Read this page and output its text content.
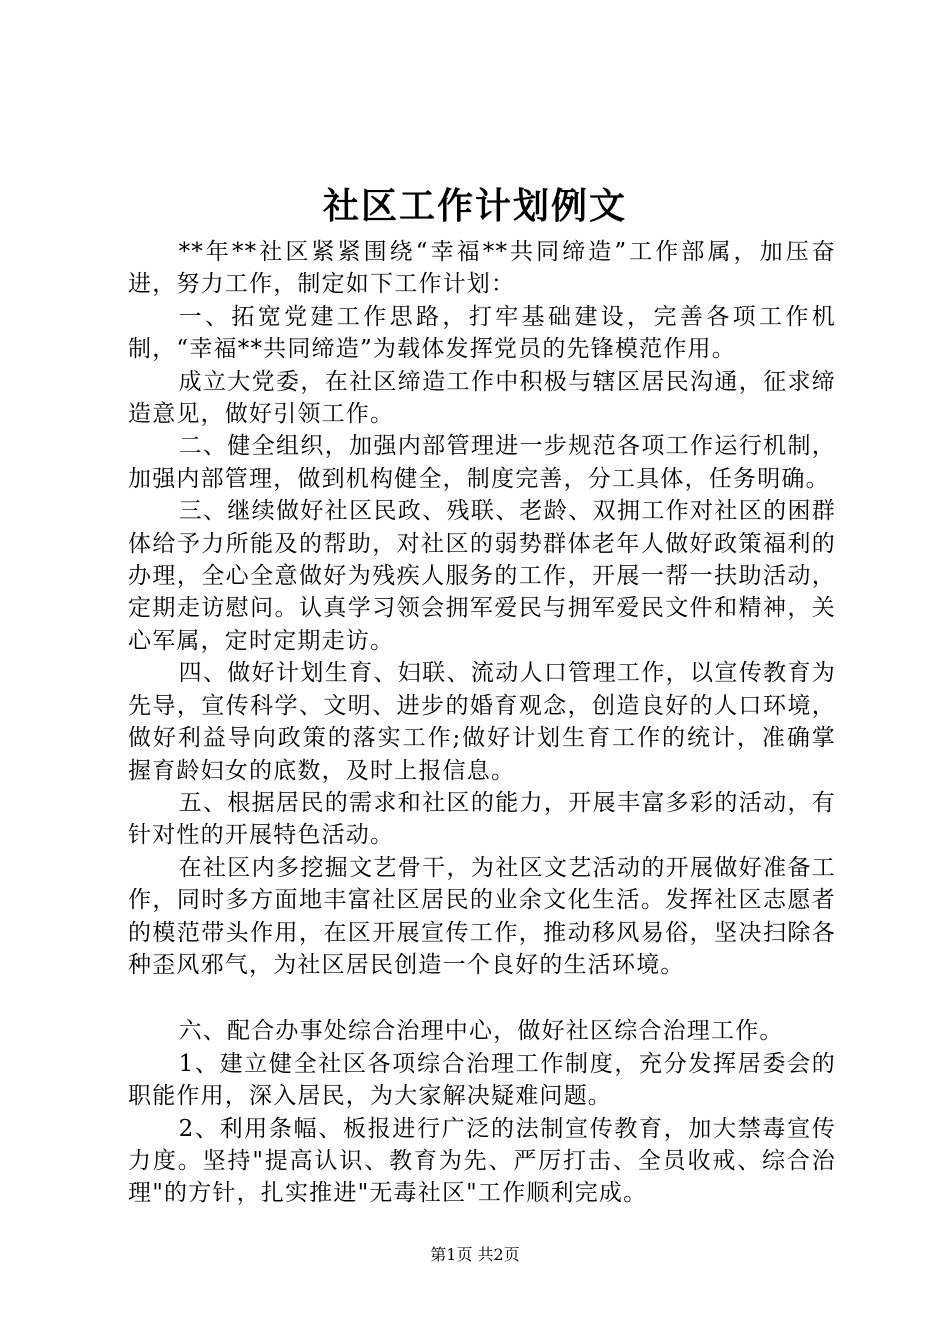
社区工作计划例文

**年**社区紧紧围绕“幸福**共同缔造”工作部属，加压奋进，努力工作，制定如下工作计划：

一、拓宽党建工作思路，打牢基础建设，完善各项工作机制，“幸福**共同缔造”为载体发挥党员的先锋模范作用。

成立大党委，在社区缔造工作中积极与辖区居民沟通，征求缔造意见，做好引领工作。

二、健全组织，加强内部管理进一步规范各项工作运行机制，加强内部管理，做到机构健全，制度完善，分工具体，任务明确。

三、继续做好社区民政、残联、老龄、双拥工作对社区的困群体给予力所能及的帮助，对社区的弱势群体老年人做好政策福利的办理，全心全意做好为残疾人服务的工作，开展一帮一扶助活动，定期走访慰问。认真学习领会拥军爱民与拥军爱民文件和精神，关心军属，定时定期走访。

四、做好计划生育、妇联、流动人口管理工作，以宣传教育为先导，宣传科学、文明、进步的婚育观念，创造良好的人口环境，做好利益导向政策的落实工作;做好计划生育工作的统计，准确掌握育龄妇女的底数，及时上报信息。

五、根据居民的需求和社区的能力，开展丰富多彩的活动，有针对性的开展特色活动。

在社区内多挖掘文艺骨干，为社区文艺活动的开展做好准备工作，同时多方面地丰富社区居民的业余文化生活。发挥社区志愿者的模范带头作用，在区开展宣传工作，推动移风易俗，坚决扫除各种歪风邪气，为社区居民创造一个良好的生活环境。

六、配合办事处综合治理中心，做好社区综合治理工作。

1、建立健全社区各项综合治理工作制度，充分发挥居委会的职能作用，深入居民，为大家解决疑难问题。

2、利用条幅、板报进行广泛的法制宣传教育，加大禁毒宣传力度。坚持"提高认识、教育为先、严厉打击、全员收戒、综合治理"的方针，扎实推进"无毒社区"工作顺利完成。

第1页 共2页
